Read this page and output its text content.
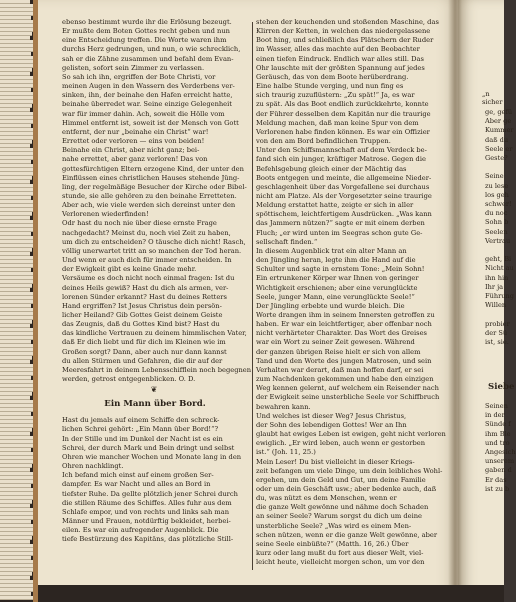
ebenso bestimmt wurde ihr die Erlösung bezeugt.
Er mußte dem Boten Gottes recht geben und nun
eine Entscheidung treffen. Die Worte waren ihm
durchs Herz gedrungen, und nun, o wie schrecklich,
sah er die Zähne zusammen und befahl dem Evan-
gelisten, sofort sein Zimmer zu verlassen.
So sah ich ihn, ergriffen der Bote Christi, vor
meinen Augen in den Wassern des Verderbens ver-
sinken, ihn, der beinahe den Hafen erreicht hatte,
beinahe überredet war. Seine einzige Gelegenheit
war für immer dahin. Ach, soweit die Hölle vom
Himmel entfernt ist, soweit ist der Mensch von Gott
entfernt, der nur „beinahe ein Christ“ war!
Errettet oder verloren — eins von beiden!
Beinahe ein Christ, aber nicht ganz; bei-
nahe errettet, aber ganz verloren! Das von
gottesfürchtigen Eltern erzogene Kind, der unter den
Einflüssen eines christlichen Hauses stehende Jüng-
ling, der regelmäßige Besucher der Kirche oder Bibel-
stunde, sie alle gehören zu den beinahe Erretteten.
Aber ach, wie viele werden sich dereinst unter den
Verlorenen wiederfinden!
Odr hast du noch nie über diese ernste Frage
nachgedacht? Meinst du, noch viel Zeit zu haben,
um dich zu entscheiden? O täusche dich nicht! Rasch,
völlig unerwartet tritt an so manchen der Tod heran.
Und wenn er auch dich für immer entscheiden. In
der Ewigkeit gibt es keine Gnade mehr.
Versäume es doch nicht noch einmal fragen: Ist du
deines Heils gewiß? Hast du dich als armen, ver-
lorenen Sünder erkannt? Hast du deines Retters
Hand ergriffen? Ist Jesus Christus dein persön-
licher Heiland? Gib Gottes Geist deinem Geiste
das Zeugnis, daß du Gottes Kind bist? Hast du
das kindliche Vertrauen zu deinem himmlischen Vater,
daß Er dich liebt und für dich im Kleinen wie im
Großen sorgt? Dann, aber auch nur dann kannst
du allen Stürmen und Gefahren, die dir auf der
Meeresfahrt in deinem Lebensschifflein noch begegnen
werden, getrost entgegenblicken. O. D.
❦
Ein Mann über Bord.
Hast du jemals auf einem Schiffe den schreck-
lichen Schrei gehört: „Ein Mann über Bord!“?
In der Stille und im Dunkel der Nacht ist es ein
Schrei, der durch Mark und Bein dringt und selbst
Ohren wie mancher Wochen und Monate lang in den
Ohren nachklingt.
Ich befand mich einst auf einem großen Ser-
dampfer. Es war Nacht und alles an Bord in
tiefster Ruhe. Da gellte plötzlich jener Schrei durch
die stillen Räume des Schiffes. Alles fuhr aus dem
Schlafe empor, und von rechts und links sah man
Männer und Frauen, notdürftig bekleidet, herbei-
eilen. Es war ein aufregender Augenblick. Die
tiefe Bestürzung des Kapitäns, das plötzliche Still-
stehen der keuchenden und stoßenden Maschine, das
Klirren der Ketten, in welchen das niedergelassene
Boot hing, und schließlich das Plätschern der Ruder
im Wasser, alles das machte auf den Beobachter
einen tiefen Eindruck. Endlich war alles still. Das
Ohr lauschte mit der größten Spannung auf jedes
Geräusch, das von dem Boote herüberdrang.
Eine halbe Stunde verging, und nun fing es
sich traurig zuzuflüstern: „Zu spät!“ Ja, es war
zu spät. Als das Boot endlich zurückkehrte, konnte
der Führer desselben dem Kapitän nur die traurige
Meldung machen, daß man keine Spur von dem
Verlorenen habe finden können. Es war ein Offizier
von den am Bord befindlichen Truppen.
Unter den Schiffsmannschaft auf dem Verdeck be-
fand sich ein junger, kräftiger Matrose. Gegen die
Befehlsgebung gleich einer der Mächtig das
Boots entgegen und meinte, die allgemeine Nieder-
geschlagenheit über das Vorgefallene sei durchaus
nicht am Platze. Als der Vorgesetzter seine traurige
Meldung erstattet hatte, zeigte er sich in aller
spöttischem, leichtfertigem Ausdrücken. „Was kann
das Jammern nützen?“ sagte er mit einem derben
Fluch; „er wird unten im Seegras schon gute Ge-
sellschaft finden.“
In diesem Augenblick trat ein alter Mann an
den Jüngling heran, legte ihm die Hand auf die
Schulter und sagte in ernstem Tone: „Mein Sohn!
Ein ertrunkener Körper war Ihnen von geringer
Wichtigkeit erschienen; aber eine verunglückte
Seele, junger Mann, eine verunglückte Seele!“
Der Jüngling erbebte und wurde bleich. Die
Worte drangen ihm in seinem Innersten getroffen zu
haben. Er war ein leichtfertiger, aber offenbar noch
nicht verhärteter Charakter. Das Wort des Greises
war ein Wort zu seiner Zeit gewesen. Während
der ganzen übrigen Reise hielt er sich von allem
Tand und den Worte des jungen Matrosen, und sein
Verhalten war derart, daß man hoffen darf, er sei
zum Nachdenken gekommen und habe den einzigen
Weg kennen gelernt, auf welchem ein Reisender nach
der Ewigkeit seine unsterbliche Seele vor Schiffbruch
bewahren kann.
Und welches ist dieser Weg? Jesus Christus,
der Sohn des lebendigen Gottes! Wer an Ihn
glaubt hat ewiges Leben ist ewigen, geht nicht verloren
ewiglich. „Er wird leben, auch wenn er gestorben
ist.“ (Joh. 11, 25.)
Mein Leser! Du bist vielleicht in dieser Kriegs-
zeit befangen um viele Dinge, um dein leibliches Wohl-
ergehen, um dein Geld und Gut, um deine Familie
oder um dein Geschäft usw.; aber bedenke auch, daß
du, was nützt es dem Menschen, wenn er
die ganze Welt gewönne und nähme doch Schaden
an seiner Seele? Warum sorgst du dich um deine
unsterbliche Seele? „Was wird es einem Men-
schen nützen, wenn er die ganze Welt gewönne, aber
seine Seele einbüßte?“ (Matth. 16, 26.) Über
kurz oder lang mußt du fort aus dieser Welt, viel-
leicht heute, vielleicht morgen schon, um vor den
„n sicher
ge, gefü
Aber ge
Kummer
daß du
Seele er
Geste?

Seine
zu lese
los geh
schwer!
du noc
Sohn b
Seelen
Vertrau

geht, Bi
Nicht au
ihn hin
Ihr ja
Führung
Willen

probier
der Sü
ist, sie.
Siebe
Seinen
in der
Sünde f
ihm Ble
und tro
Angesich
unserem
gaben d
Er das
ist zu b
